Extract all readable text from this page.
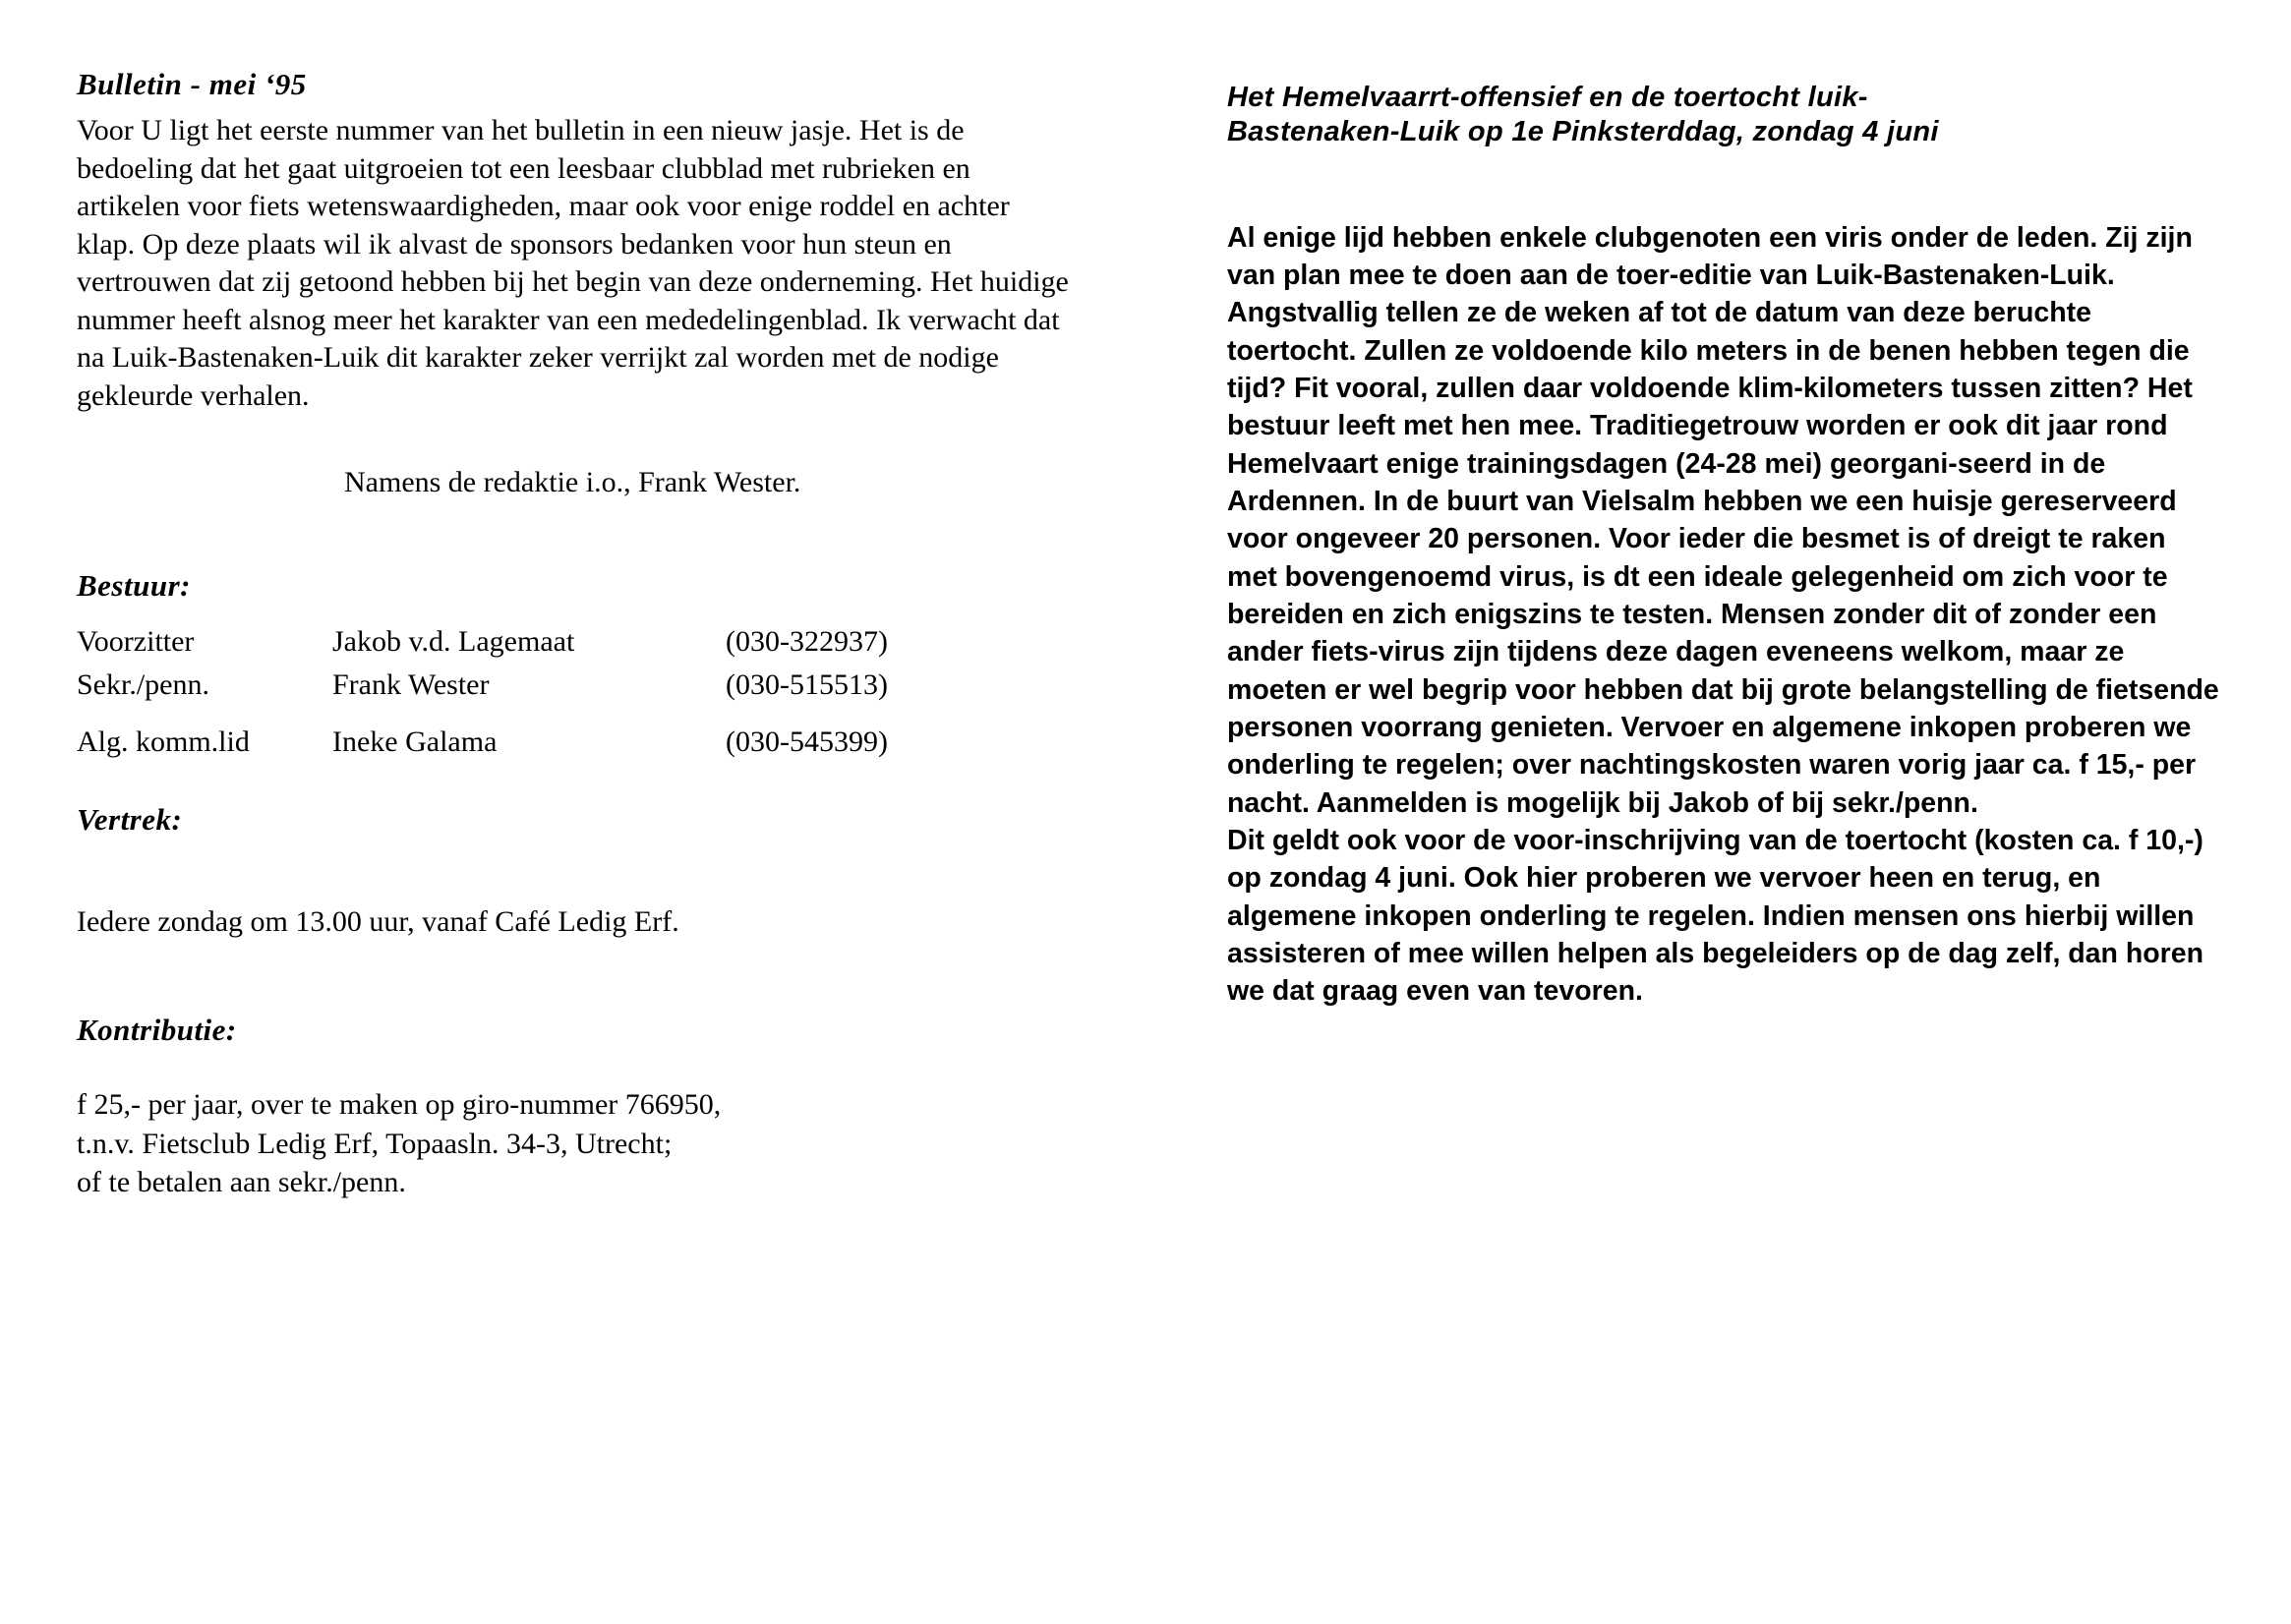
Bulletin - mei ‘95

Voor U ligt het eerste nummer van het bulletin in een nieuw jasje. Het is de bedoeling dat het gaat uitgroeien tot een leesbaar clubblad met rubrieken en artikelen voor fiets wetenswaardigheden, maar ook voor enige roddel en achter klap. Op deze plaats wil ik alvast de sponsors bedanken voor hun steun en vertrouwen dat zij getoond hebben bij het begin van deze onderneming. Het huidige nummer heeft alsnog meer het karakter van een mededelingenblad. Ik verwacht dat na Luik-Bastenaken-Luik dit karakter zeker verrijkt zal worden met de nodige gekleurde verhalen.

Namens de redaktie i.o., Frank Wester.

Bestuur:
Voorzitter	Jakob v.d. Lagemaat	(030-322937)
Sekr./penn.	Frank Wester	(030-515513)
Alg. komm.lid	Ineke Galama	(030-545399)
Vertrek:

Iedere zondag om 13.00 uur, vanaf Café Ledig Erf.

Kontributie:

f 25,- per jaar, over te maken op giro-nummer 766950,

t.n.v. Fietsclub Ledig Erf, Topaasln. 34-3, Utrecht;

of te betalen aan sekr./penn.

Het Hemelvaarrt-offensief en de toertocht luik-
Bastenaken-Luik op 1e Pinksterddag, zondag 4 juni

Al enige lijd hebben enkele clubgenoten een viris onder de leden. Zij zijn van plan mee te doen aan de toer-editie van Luik-Bastenaken-Luik. Angstvallig tellen ze de weken af tot de datum van deze beruchte toertocht. Zullen ze voldoende kilo meters in de benen hebben tegen die tijd? Fit vooral, zullen daar voldoende klim-kilometers tussen zitten? Het bestuur leeft met hen mee. Traditiegetrouw worden er ook dit jaar rond Hemelvaart enige trainingsdagen (24-28 mei) georgani-seerd in de Ardennen. In de buurt van Vielsalm hebben we een huisje gereserveerd voor ongeveer 20 personen. Voor ieder die besmet is of dreigt te raken met bovengenoemd virus, is dt een ideale gelegenheid om zich voor te bereiden en zich enigszins te testen. Mensen zonder dit of zonder een ander fiets-virus zijn tijdens deze dagen eveneens welkom, maar ze moeten er wel begrip voor hebben dat bij grote belangstelling de fietsende personen voorrang genieten. Vervoer en algemene inkopen proberen we onderling te regelen; over nachtingskosten waren vorig jaar ca. f 15,- per nacht. Aanmelden is mogelijk bij Jakob of bij sekr./penn.

Dit geldt ook voor de voor-inschrijving van de toertocht (kosten ca. f 10,-) op zondag 4 juni. Ook hier proberen we vervoer heen en terug, en algemene inkopen onderling te regelen. Indien mensen ons hierbij willen assisteren of mee willen helpen als begeleiders op de dag zelf, dan horen we dat graag even van tevoren.
